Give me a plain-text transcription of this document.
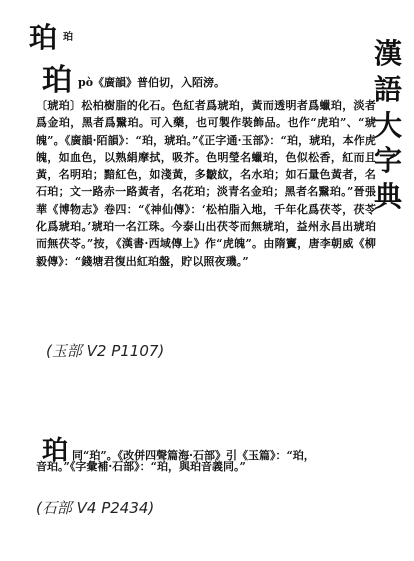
珀 珀	漢
語
大
字
典
珀 pò《廣韻》普伯切，入陌滂。
〔琥珀〕松柏樹脂的化石。色紅者爲琥珀，黃而透明者爲蠟珀，淡者爲金珀，黑者爲黳珀。可入藥，也可製作裝飾品。也作“虎珀”、“琥魄”。《廣韻·陌韻》：“珀，琥珀。”《正字通·玉部》：“珀，琥珀，本作虎魄，如血色，以熟絹摩拭，吸芥。色明瑩名蠟珀，色似松香，紅而且黃，名明珀；黯紅色，如淺黃，多皺紋，名水珀；如石量色黃者，名石珀；文一路赤一路黃者，名花珀；淡青名金珀；黑者名黳珀。”晉張華《博物志》卷四：“《神仙傳》：‘松柏脂入地，千年化爲茯苓，茯苓化爲琥珀。’琥珀一名江珠。今泰山出茯苓而無琥珀，益州永昌出琥珀而無茯苓。”按，《漢書·西域傳上》作“虎魄”。由隋竇，唐李朝威《柳毅傳》：“錢塘君復出紅珀盤，貯以照夜璣。”
(玉部 V2 P1107)
珀 同“珀”。《改併四聲篇海·石部》引《玉篇》：“珀，
音珀。”《字彙補·石部》：“珀，與珀音義同。”
(石部 V4 P2434)
